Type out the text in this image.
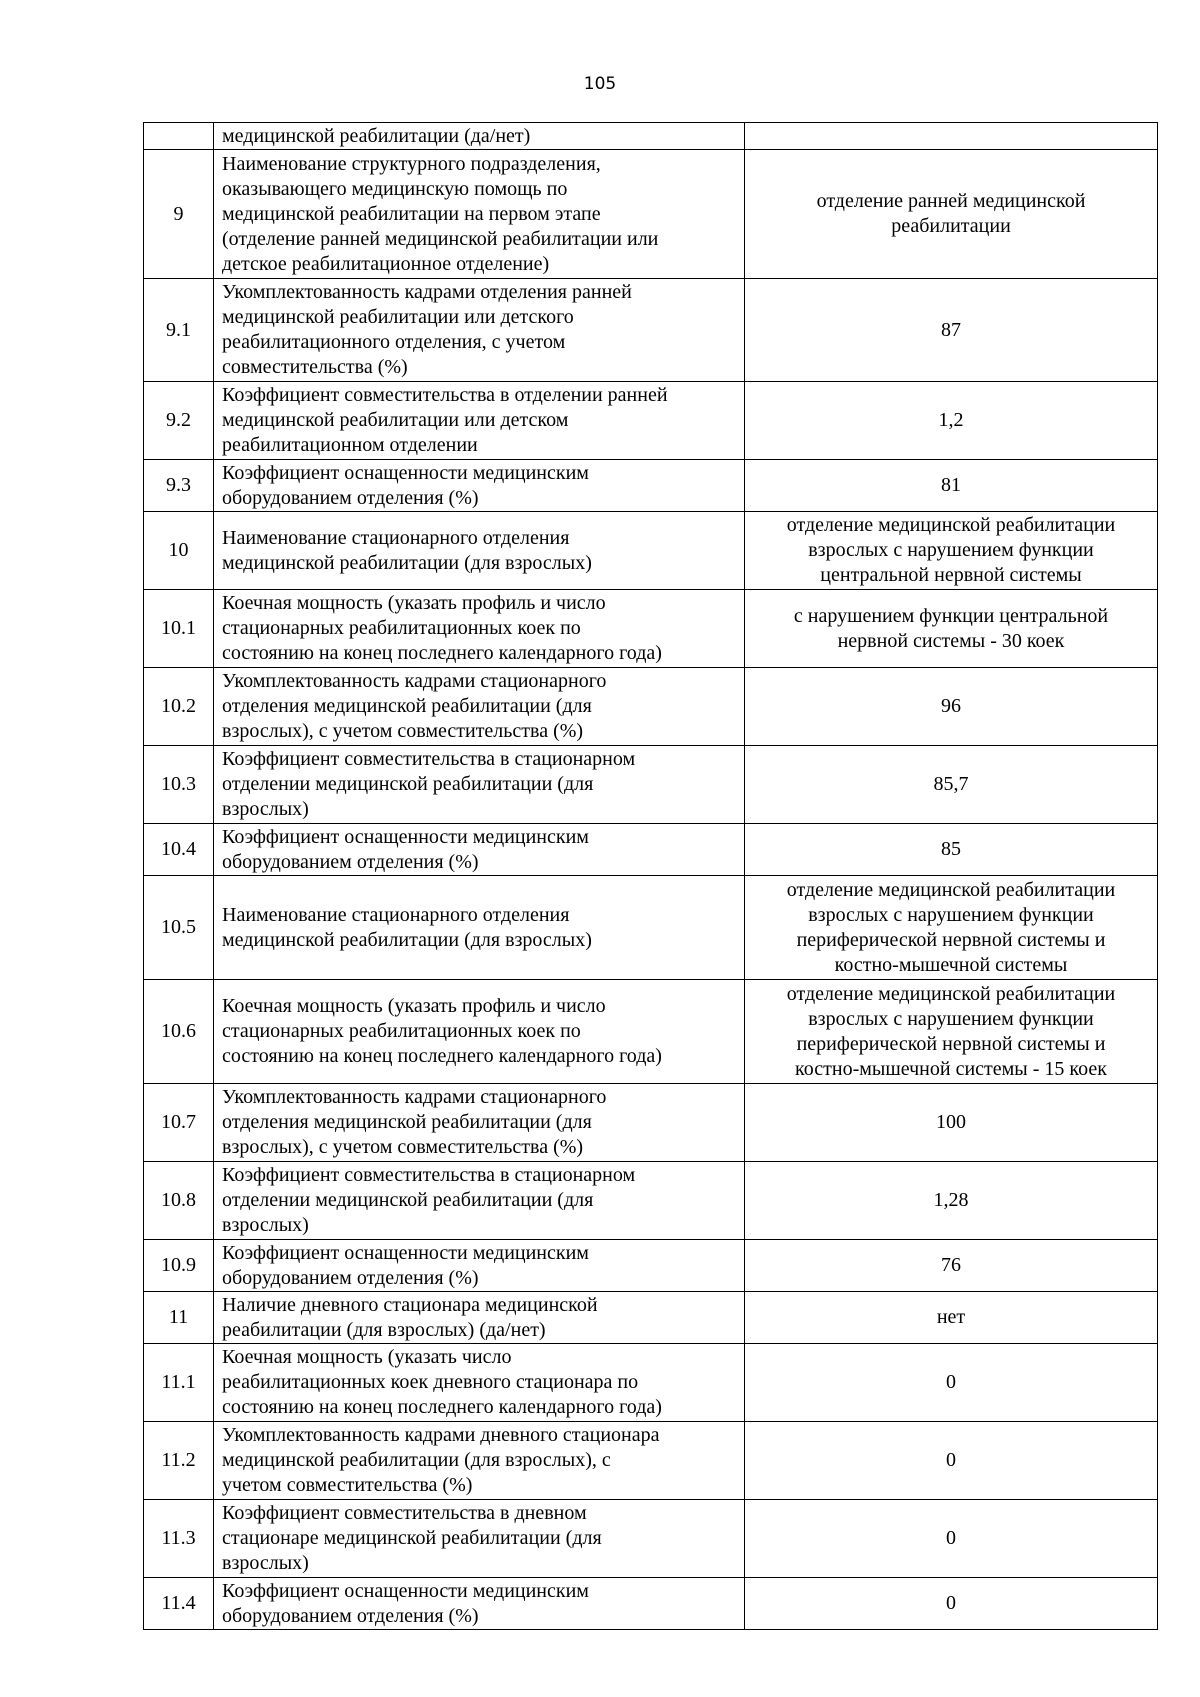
105
	медицинской реабилитации (да/нет)	
9	Наименование структурного подразделения,
оказывающего медицинскую помощь по
медицинской реабилитации на первом этапе
(отделение ранней медицинской реабилитации или
детское реабилитационное отделение)	отделение ранней медицинской
реабилитации
9.1	Укомплектованность кадрами отделения ранней
медицинской реабилитации или детского
реабилитационного отделения, с учетом
совместительства (%)	87
9.2	Коэффициент совместительства в отделении ранней
медицинской реабилитации или детском
реабилитационном отделении	1,2
9.3	Коэффициент оснащенности медицинским
оборудованием отделения (%)	81
10	Наименование стационарного отделения
медицинской реабилитации (для взрослых)	отделение медицинской реабилитации
взрослых с нарушением функции
центральной нервной системы
10.1	Коечная мощность (указать профиль и число
стационарных реабилитационных коек по
состоянию на конец последнего календарного года)	с нарушением функции центральной
нервной системы - 30 коек
10.2	Укомплектованность кадрами стационарного
отделения медицинской реабилитации (для
взрослых), с учетом совместительства (%)	96
10.3	Коэффициент совместительства в стационарном
отделении медицинской реабилитации (для
взрослых)	85,7
10.4	Коэффициент оснащенности медицинским
оборудованием отделения (%)	85
10.5	Наименование стационарного отделения
медицинской реабилитации (для взрослых)	отделение медицинской реабилитации
взрослых с нарушением функции
периферической нервной системы и
костно-мышечной системы
10.6	Коечная мощность (указать профиль и число
стационарных реабилитационных коек по
состоянию на конец последнего календарного года)	отделение медицинской реабилитации
взрослых с нарушением функции
периферической нервной системы и
костно-мышечной системы - 15 коек
10.7	Укомплектованность кадрами стационарного
отделения медицинской реабилитации (для
взрослых), с учетом совместительства (%)	100
10.8	Коэффициент совместительства в стационарном
отделении медицинской реабилитации (для
взрослых)	1,28
10.9	Коэффициент оснащенности медицинским
оборудованием отделения (%)	76
11	Наличие дневного стационара медицинской
реабилитации (для взрослых) (да/нет)	нет
11.1	Коечная мощность (указать число
реабилитационных коек дневного стационара по
состоянию на конец последнего календарного года)	0
11.2	Укомплектованность кадрами дневного стационара
медицинской реабилитации (для взрослых), с
учетом совместительства (%)	0
11.3	Коэффициент совместительства в дневном
стационаре медицинской реабилитации (для
взрослых)	0
11.4	Коэффициент оснащенности медицинским
оборудованием отделения (%)	0
